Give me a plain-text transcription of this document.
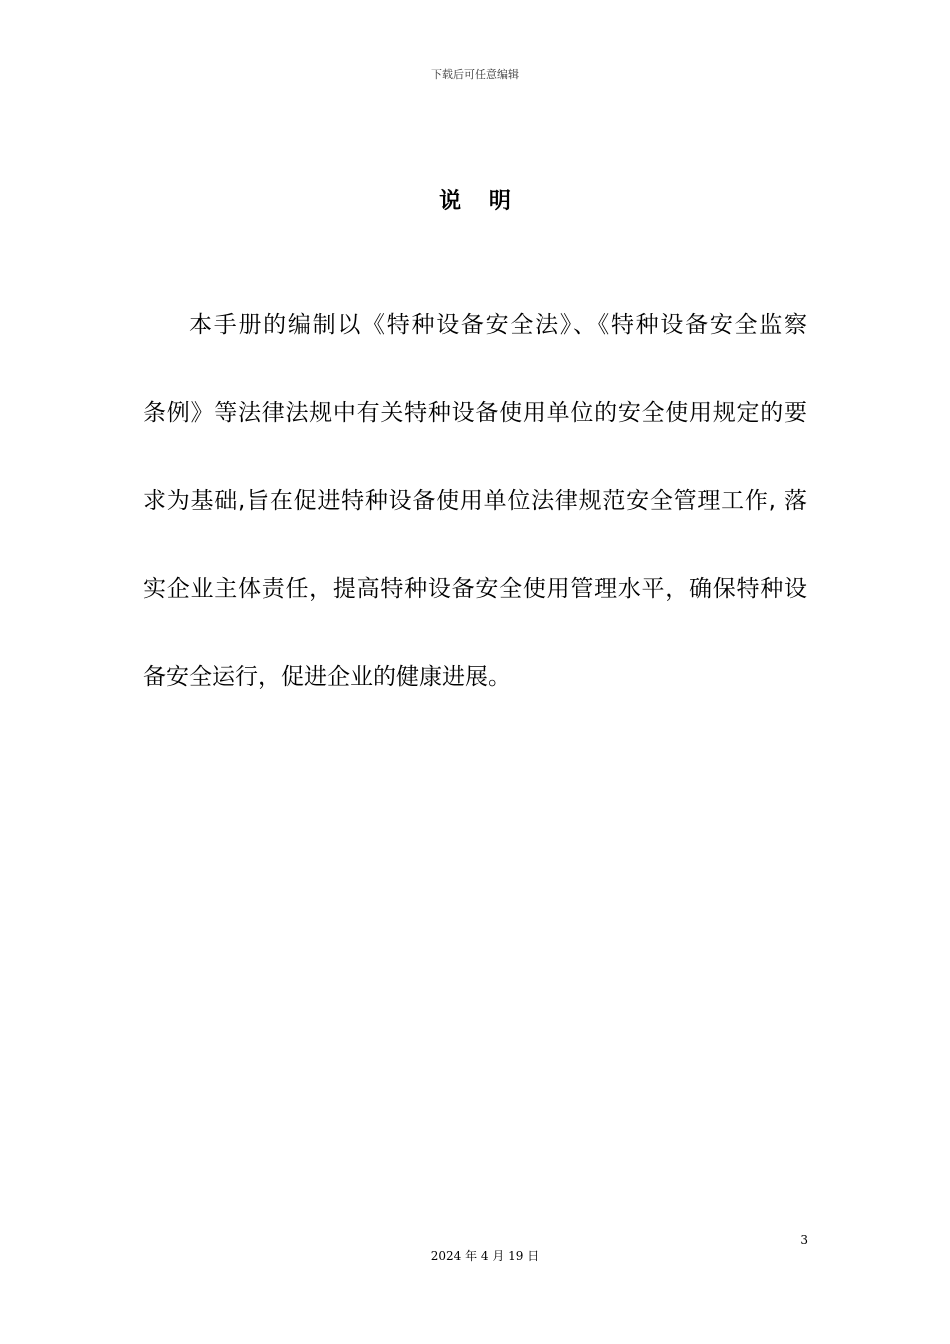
下载后可任意编辑
说 明
本手册的编制以《特种设备安全法》、《特种设备安全监察
条例》等法律法规中有关特种设备使用单位的安全使用规定的要
求为基础,旨在促进特种设备使用单位法律规范安全管理工作, 落
实企业主体责任，提高特种设备安全使用管理水平，确保特种设
备安全运行，促进企业的健康进展。
3
2024 年 4 月 19 日
